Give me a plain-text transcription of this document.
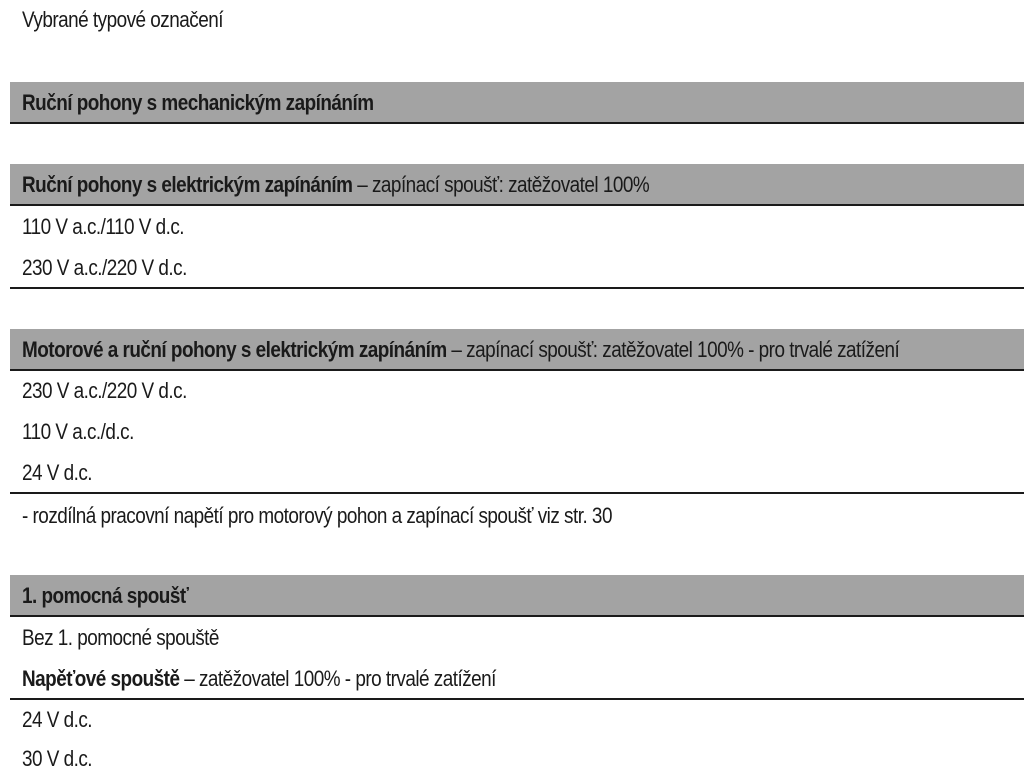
Vybrané typové označení
Ruční pohony s mechanickým zapínáním
Ruční pohony s elektrickým zapínáním – zapínací spoušť: zatěžovatel 100%
110 V a.c./110 V d.c.
230 V a.c./220 V d.c.
Motorové a ruční pohony s elektrickým zapínáním – zapínací spoušť: zatěžovatel 100% - pro trvalé zatížení
230 V a.c./220 V d.c.
110 V a.c./d.c.
24 V d.c.
- rozdílná pracovní napětí pro motorový pohon a zapínací spoušť viz str. 30
1. pomocná spoušť
Bez 1. pomocné spouště
Napěťové spouště – zatěžovatel 100% - pro trvalé zatížení
24 V d.c.
30 V d.c.
